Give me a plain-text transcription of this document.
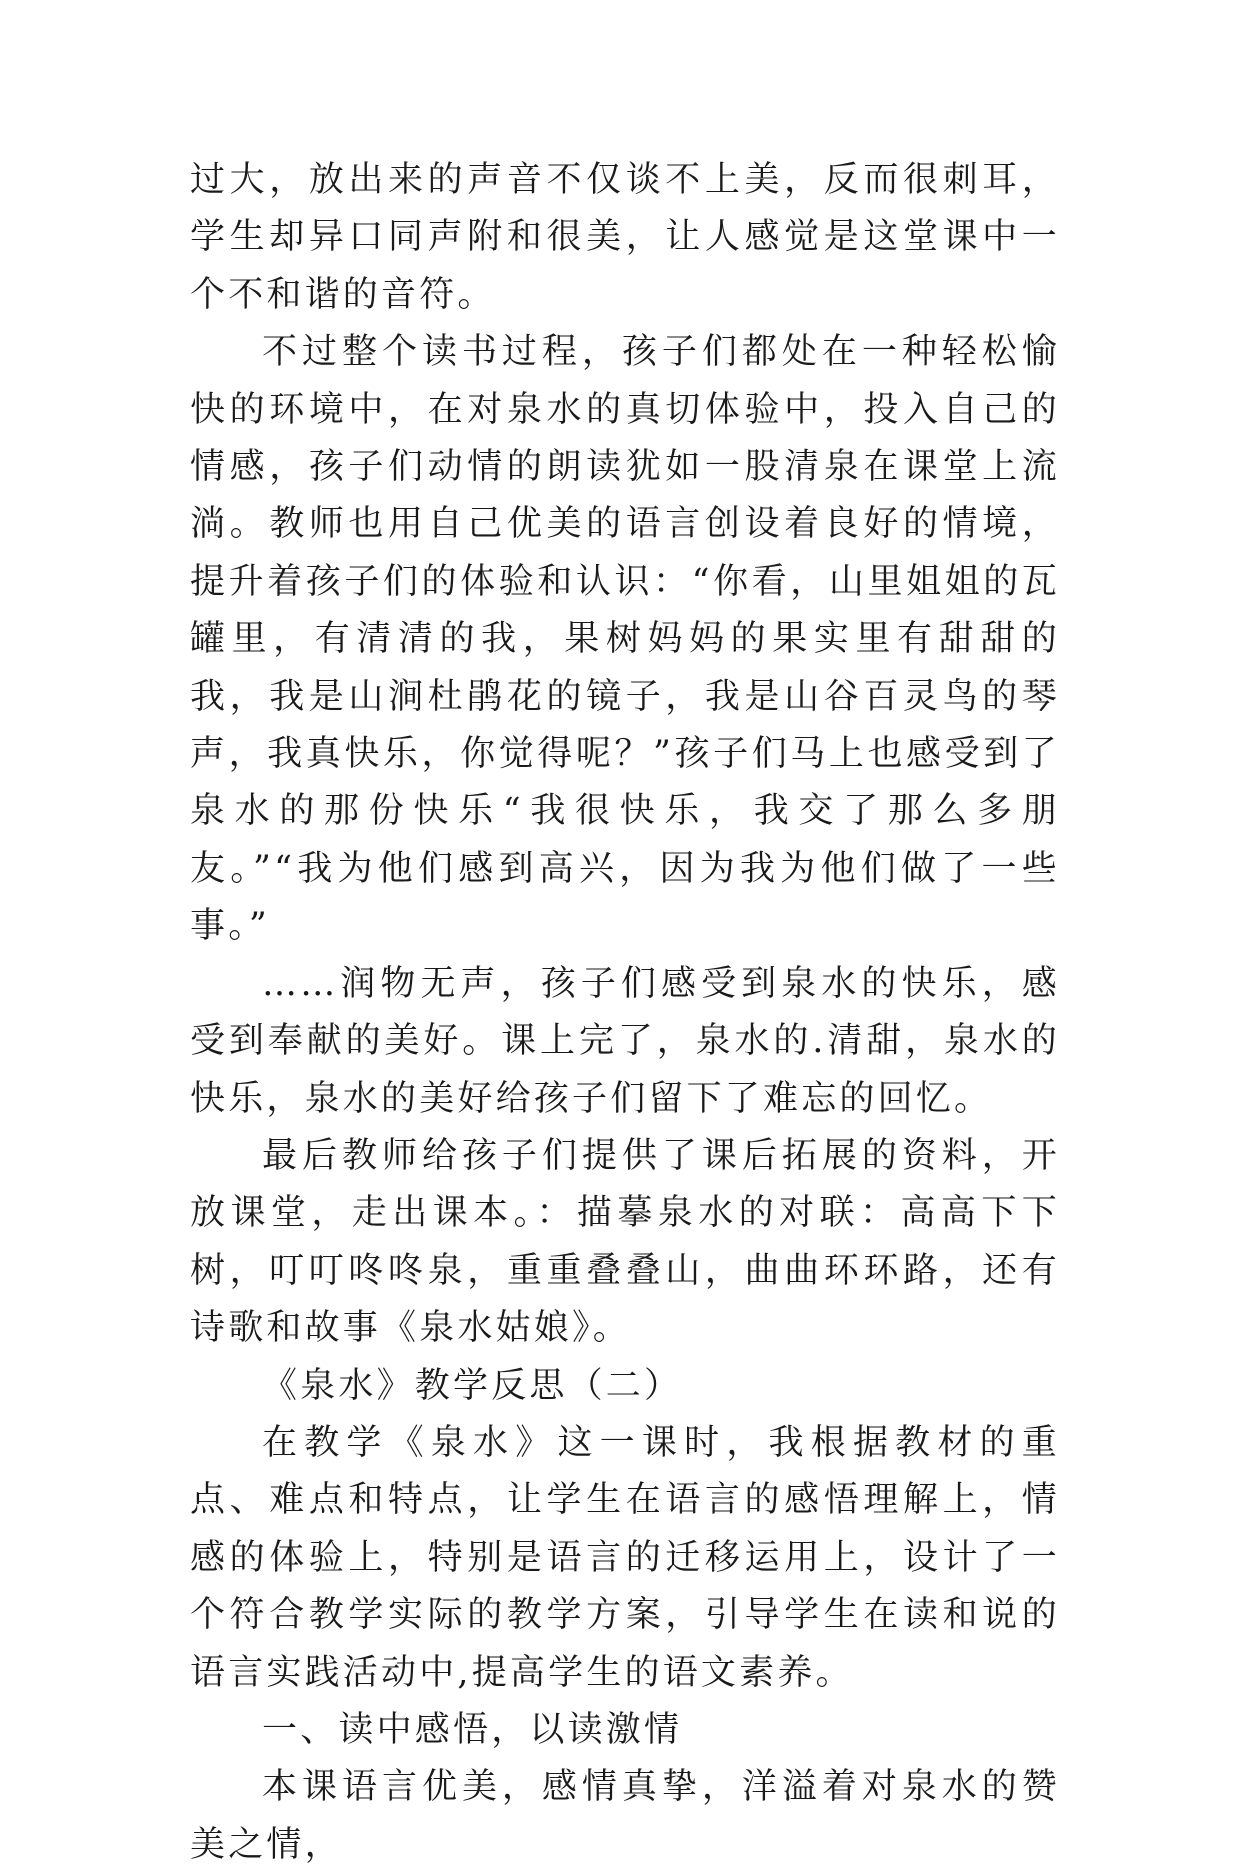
过大，放出来的声音不仅谈不上美，反而很刺耳，学生却异口同声附和很美，让人感觉是这堂课中一个不和谐的音符。

不过整个读书过程，孩子们都处在一种轻松愉快的环境中，在对泉水的真切体验中，投入自己的情感，孩子们动情的朗读犹如一股清泉在课堂上流淌。教师也用自己优美的语言创设着良好的情境，提升着孩子们的体验和认识：“你看，山里姐姐的瓦罐里，有清清的我，果树妈妈的果实里有甜甜的我，我是山涧杜鹃花的镜子，我是山谷百灵鸟的琴声，我真快乐，你觉得呢？”孩子们马上也感受到了泉水的那份快乐“我很快乐，我交了那么多朋友。”“我为他们感到高兴，因为我为他们做了一些事。”

……润物无声，孩子们感受到泉水的快乐，感受到奉献的美好。课上完了，泉水的.清甜，泉水的快乐，泉水的美好给孩子们留下了难忘的回忆。

最后教师给孩子们提供了课后拓展的资料，开放课堂，走出课本。：描摹泉水的对联：高高下下树，叮叮咚咚泉，重重叠叠山，曲曲环环路，还有诗歌和故事《泉水姑娘》。

《泉水》教学反思（二）

在教学《泉水》这一课时，我根据教材的重点、难点和特点，让学生在语言的感悟理解上，情感的体验上，特别是语言的迁移运用上，设计了一个符合教学实际的教学方案，引导学生在读和说的语言实践活动中,提高学生的语文素养。

一、读中感悟，以读激情

本课语言优美，感情真挚，洋溢着对泉水的赞美之情，
